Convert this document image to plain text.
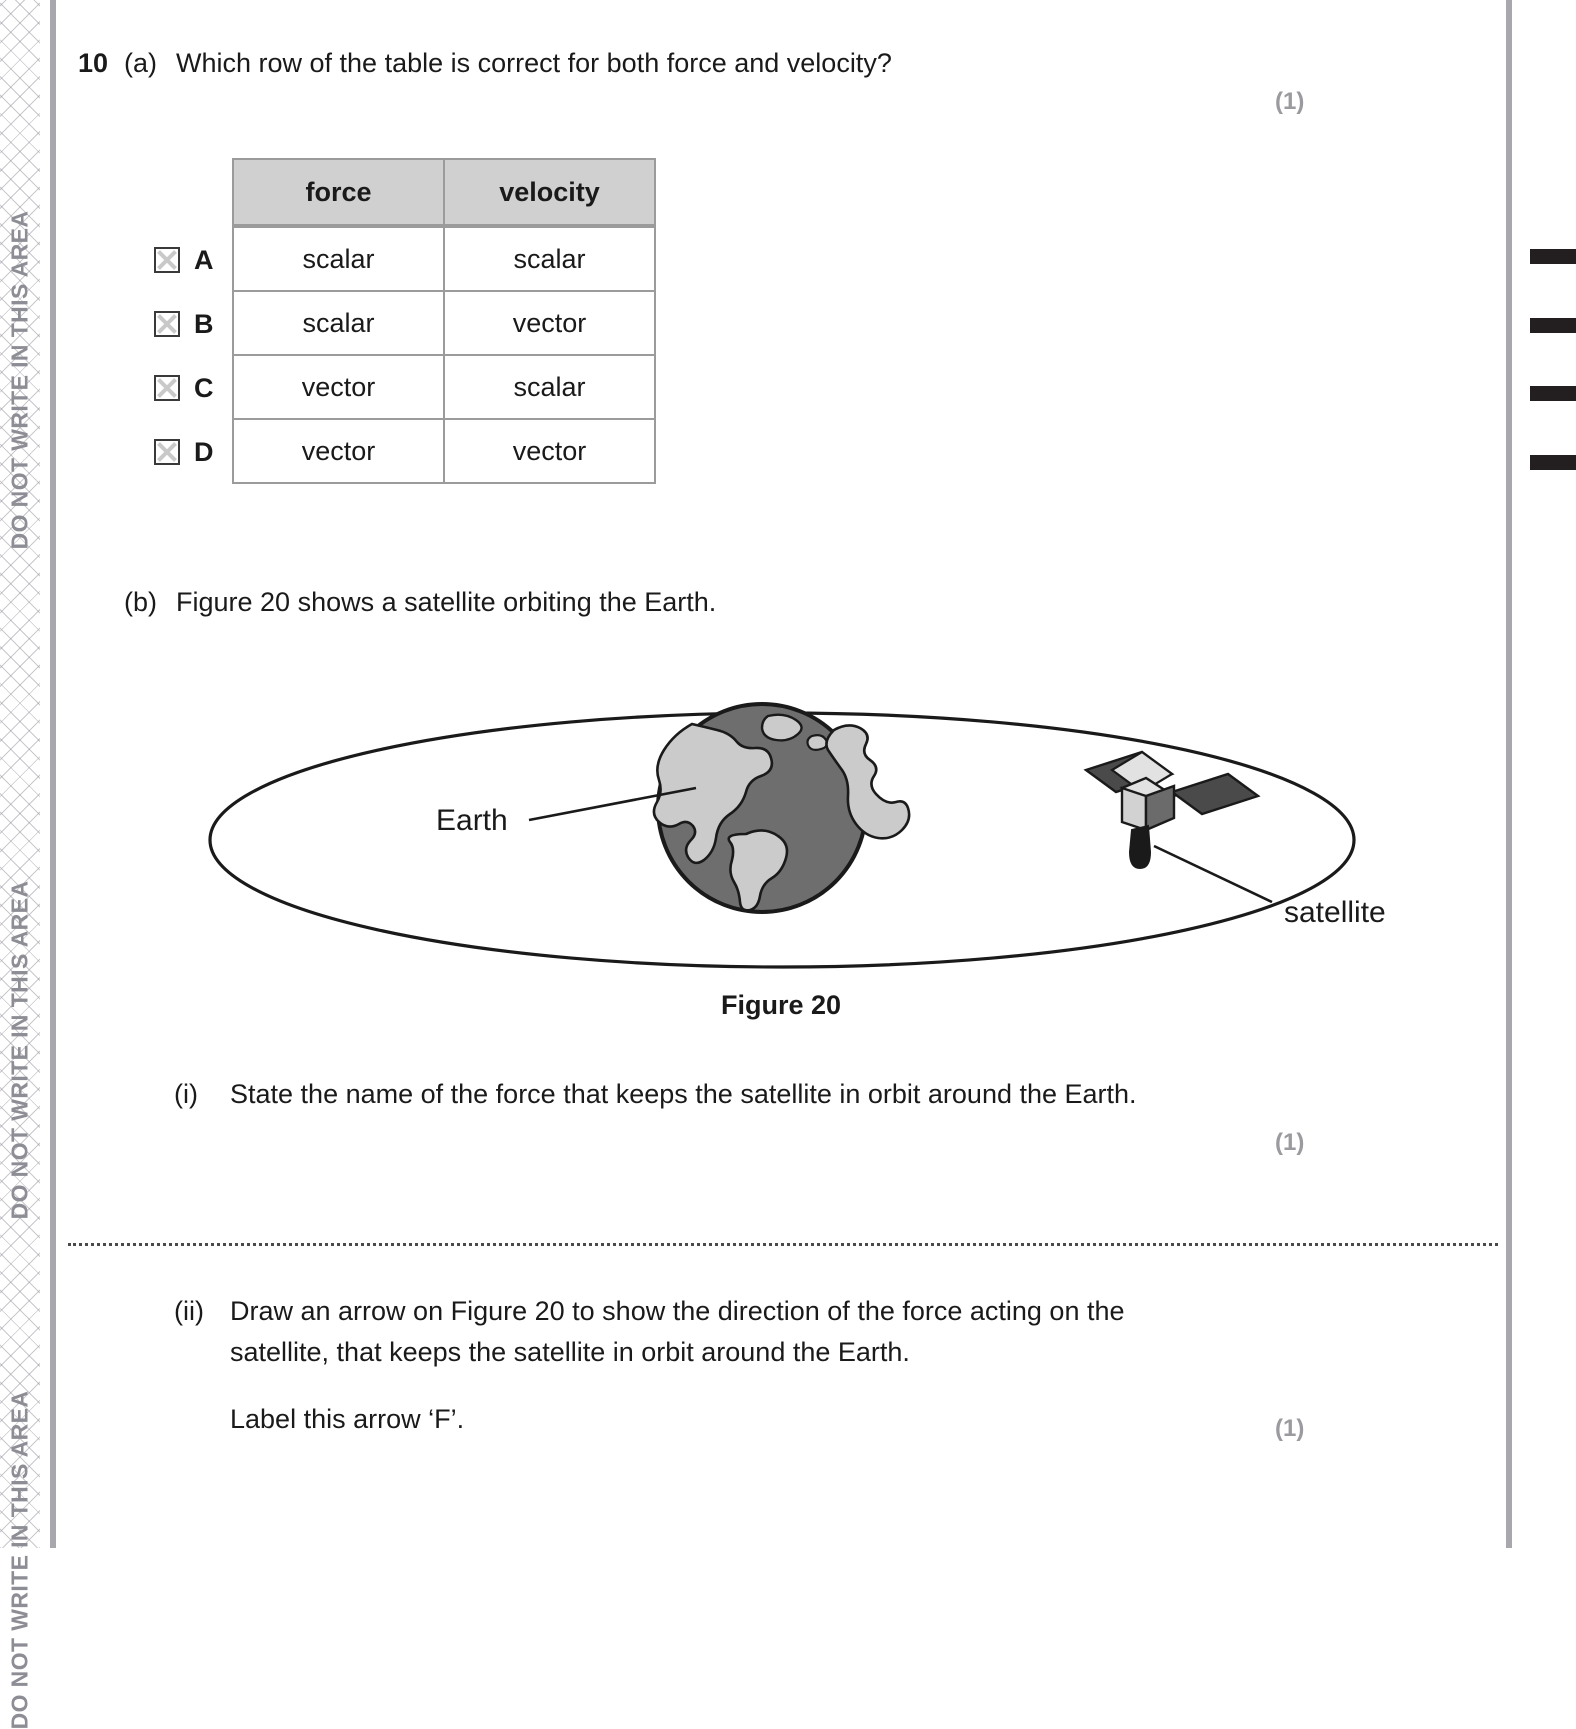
DO NOT WRITE IN THIS AREA
DO NOT WRITE IN THIS AREA
DO NOT WRITE IN THIS AREA
10 (a) Which row of the table is correct for both force and velocity?
(1)
force	velocity
A	scalar	scalar
B	scalar	vector
C	vector	scalar
D	vector	vector
(b) Figure 20 shows a satellite orbiting the Earth.
Earth
satellite
Figure 20
(i)	State the name of the force that keeps the satellite in orbit around the Earth.
(1)
(ii) Draw an arrow on Figure 20 to show the direction of the force acting on the
satellite, that keeps the satellite in orbit around the Earth.
Label this arrow ‘F’.	(1)
